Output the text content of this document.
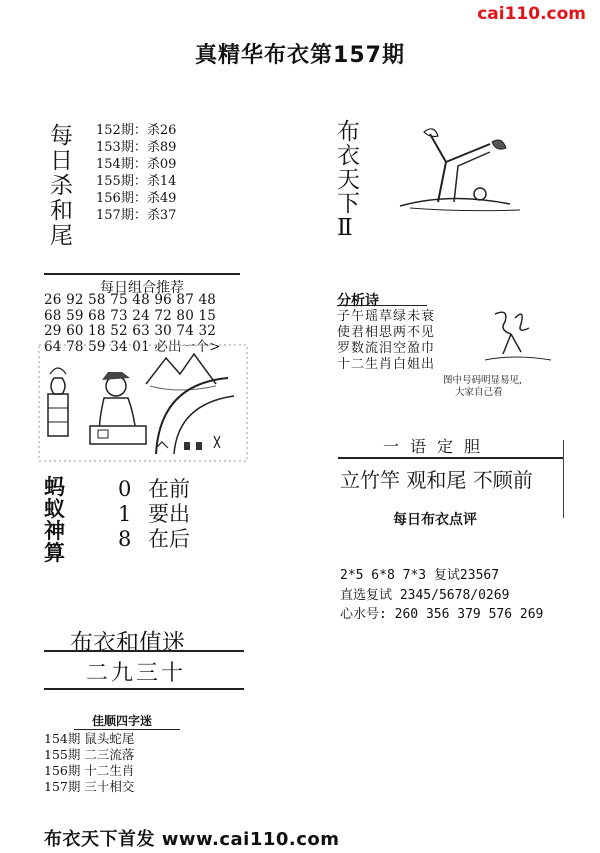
cai110.com
真精华布衣第157期
每
日
杀
和
尾
152期：杀26
153期：杀89
154期：杀09
155期：杀14
156期：杀49
157期：杀37
每日组合推荐
26 92 58 75 48 96 87 48
68 59 68 73 24 72 80 15
29 60 18 52 63 30 74 32
64 78 59 34 01 必出一个>
蚂
蚁
神
算
0 在前
1 要出
8 在后
布衣和值迷
二九三十
佳顺四字迷
154期 鼠头蛇尾
155期 二三流落
156期 十二生肖
157期 三十相交
布衣天下首发 www.cai110.com
布
衣
天
下
Ⅱ
分析诗
子午瑶草绿未衰
使君相思两不见
罗数流泪空盈巾
十二生肖白姐出
图中号码明显易见,
大家自己看
一语定胆
立竹竿 观和尾 不顾前
每日布衣点评
2*5 6*8 7*3 复试23567
直选复试 2345/5678/0269
心水号: 260 356 379 576 269
